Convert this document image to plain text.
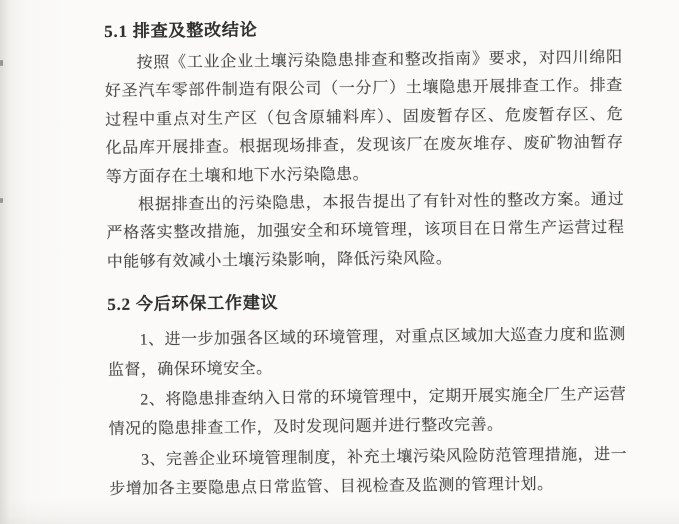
5.1 排查及整改结论

按照《工业企业土壤污染隐患排查和整改指南》要求，对四川绵阳好圣汽车零部件制造有限公司（一分厂）土壤隐患开展排查工作。排查过程中重点对生产区（包含原辅料库）、固废暂存区、危废暂存区、危化品库开展排查。根据现场排查，发现该厂在废灰堆存、废矿物油暂存等方面存在土壤和地下水污染隐患。

根据排查出的污染隐患，本报告提出了有针对性的整改方案。通过严格落实整改措施，加强安全和环境管理，该项目在日常生产运营过程中能够有效减小土壤污染影响，降低污染风险。

5.2 今后环保工作建议

1、进一步加强各区域的环境管理，对重点区域加大巡查力度和监测监督，确保环境安全。

2、将隐患排查纳入日常的环境管理中，定期开展实施全厂生产运营情况的隐患排查工作，及时发现问题并进行整改完善。

3、完善企业环境管理制度，补充土壤污染风险防范管理措施，进一步增加各主要隐患点日常监管、目视检查及监测的管理计划。
